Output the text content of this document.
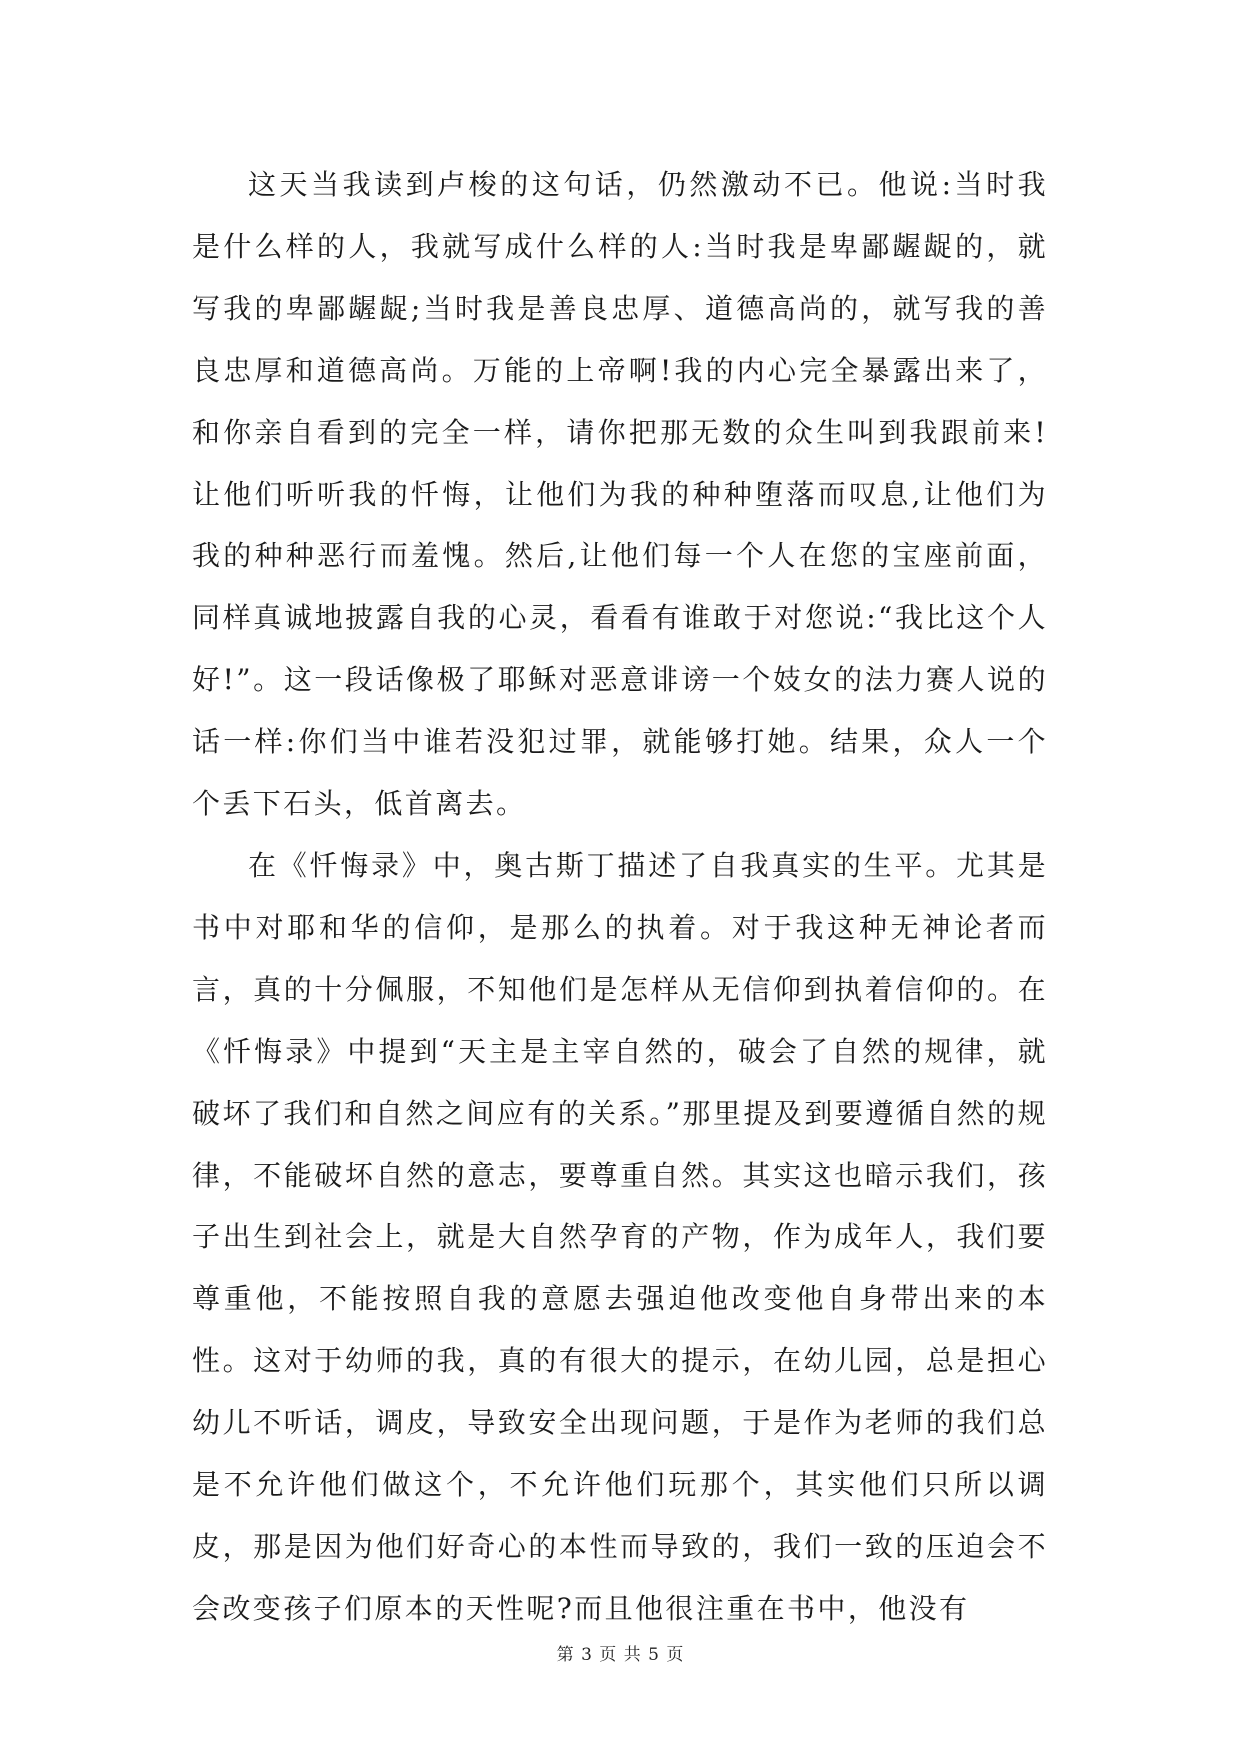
这天当我读到卢梭的这句话，仍然激动不已。他说:当时我是什么样的人，我就写成什么样的人:当时我是卑鄙龌龊的，就写我的卑鄙龌龊;当时我是善良忠厚、道德高尚的，就写我的善良忠厚和道德高尚。万能的上帝啊!我的内心完全暴露出来了，和你亲自看到的完全一样，请你把那无数的众生叫到我跟前来!让他们听听我的忏悔，让他们为我的种种堕落而叹息,让他们为我的种种恶行而羞愧。然后,让他们每一个人在您的宝座前面，同样真诚地披露自我的心灵，看看有谁敢于对您说:“我比这个人好!”。这一段话像极了耶稣对恶意诽谤一个妓女的法力赛人说的话一样:你们当中谁若没犯过罪，就能够打她。结果，众人一个个丢下石头，低首离去。

在《忏悔录》中，奥古斯丁描述了自我真实的生平。尤其是书中对耶和华的信仰，是那么的执着。对于我这种无神论者而言，真的十分佩服，不知他们是怎样从无信仰到执着信仰的。在《忏悔录》中提到“天主是主宰自然的，破会了自然的规律，就破坏了我们和自然之间应有的关系。”那里提及到要遵循自然的规律，不能破坏自然的意志，要尊重自然。其实这也暗示我们，孩子出生到社会上，就是大自然孕育的产物，作为成年人，我们要尊重他，不能按照自我的意愿去强迫他改变他自身带出来的本性。这对于幼师的我，真的有很大的提示，在幼儿园，总是担心幼儿不听话，调皮，导致安全出现问题，于是作为老师的我们总是不允许他们做这个，不允许他们玩那个，其实他们只所以调皮，那是因为他们好奇心的本性而导致的，我们一致的压迫会不会改变孩子们原本的天性呢?而且他很注重在书中，他没有

第 3 页 共 5 页
